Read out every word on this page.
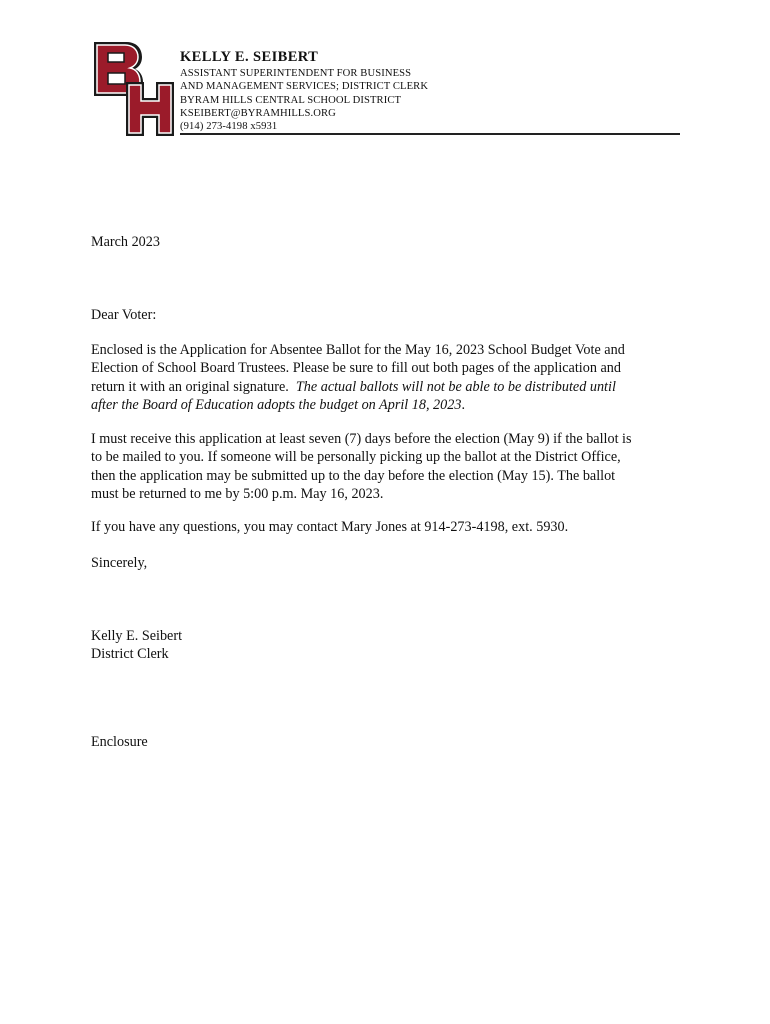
KELLY E. SEIBERT
ASSISTANT SUPERINTENDENT FOR BUSINESS
AND MANAGEMENT SERVICES; DISTRICT CLERK
BYRAM HILLS CENTRAL SCHOOL DISTRICT
KSEIBERT@BYRAMHILLS.ORG
(914) 273-4198 x5931
March 2023
Dear Voter:
Enclosed is the Application for Absentee Ballot for the May 16, 2023 School Budget Vote and
Election of School Board Trustees. Please be sure to fill out both pages of the application and
return it with an original signature.  The actual ballots will not be able to be distributed until
after the Board of Education adopts the budget on April 18, 2023.
I must receive this application at least seven (7) days before the election (May 9) if the ballot is
to be mailed to you. If someone will be personally picking up the ballot at the District Office,
then the application may be submitted up to the day before the election (May 15). The ballot
must be returned to me by 5:00 p.m. May 16, 2023.
If you have any questions, you may contact Mary Jones at 914-273-4198, ext. 5930.
Sincerely,
Kelly E. Seibert
District Clerk
Enclosure
